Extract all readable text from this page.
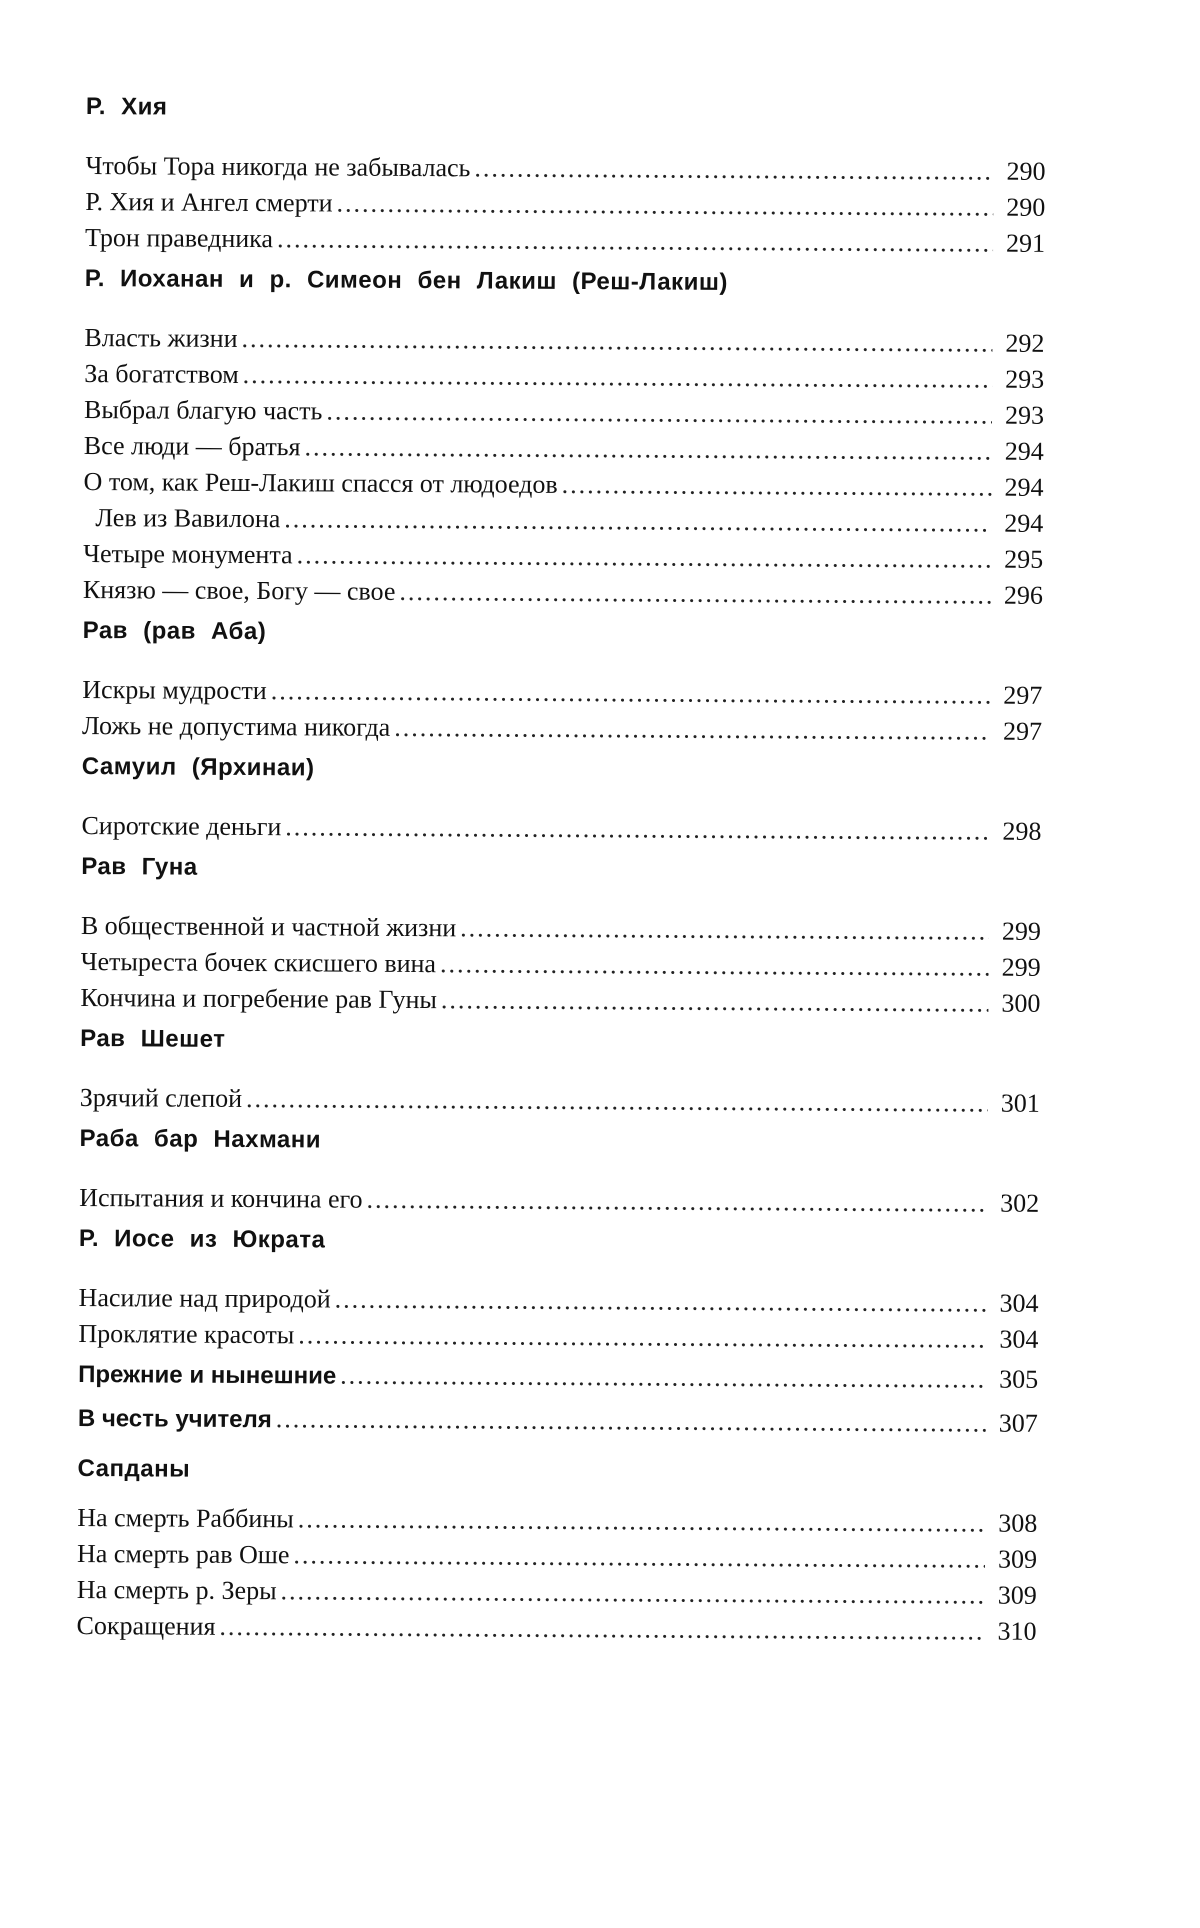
Р. Хия
Чтобы Тора никогда не забывалась .....	290
Р. Хия и Ангел смерти .....	290
Трон праведника .....	291
Р. Иоханан и р. Симеон бен Лакиш (Реш-Лакиш)
Власть жизни .....	292
За богатством .....	293
Выбрал благую часть .....	293
Все люди — братья .....	294
О том, как Реш-Лакиш спасся от людоедов .....	294
Лев из Вавилона .....	294
Четыре монумента .....	295
Князю — свое, Богу — свое .....	296
Рав (рав Аба)
Искры мудрости .....	297
Ложь не допустима никогда .....	297
Самуил (Ярхинаи)
Сиротские деньги .....	298
Рав Гуна
В общественной и частной жизни .....	299
Четыреста бочек скисшего вина .....	299
Кончина и погребение рав Гуны .....	300
Рав Шешет
Зрячий слепой .....	301
Раба бар Нахмани
Испытания и кончина его .....	302
Р. Иосе из Юкрата
Насилие над природой .....	304
Проклятие красоты .....	304
Прежние и нынешние .....	305
В честь учителя .....	307
Сапданы
На смерть Раббины .....	308
На смерть рав Оше .....	309
На смерть р. Зеры .....	309
Сокращения .....	310
